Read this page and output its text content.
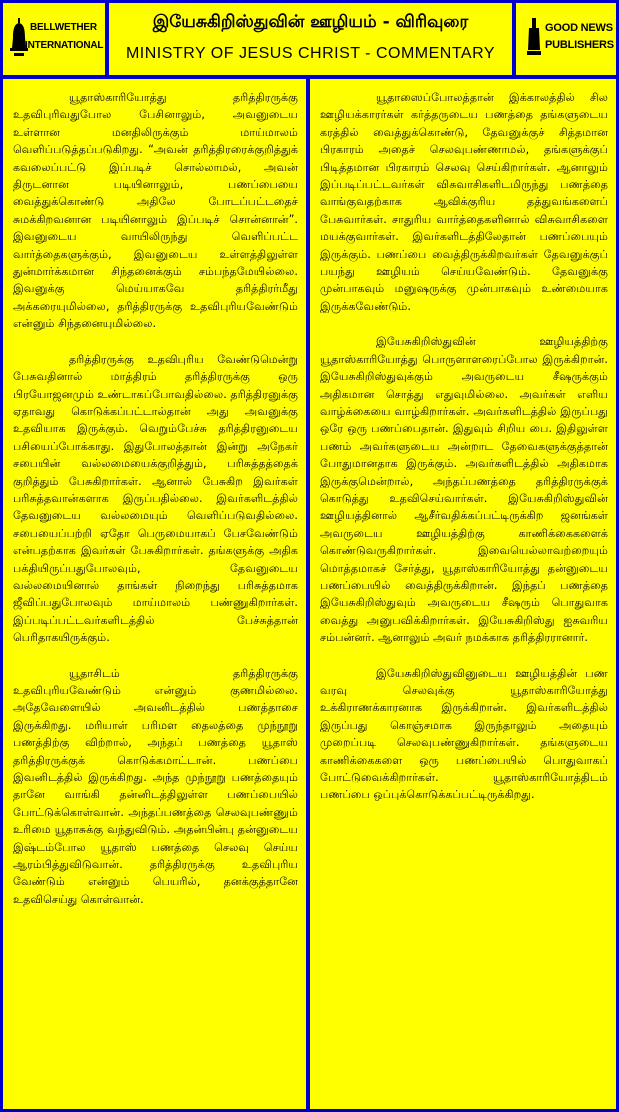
BELLWETHER
INTERNATIONAL
இயேசுகிறிஸ்துவின் ஊழியம் - விரிவுரை
MINISTRY OF JESUS CHRIST - COMMENTARY
GOOD NEWS
PUBLISHERS

யூதாஸ்காரியோத்து தரித்திரருக்கு உதவிபுரிவதுபோல பேசினாலும், அவனுடைய உள்ளான மனதிலிருக்கும் மாய்மாலம் வெளிப்படுத்தப்படுகிறது. “அவன் தரித்திரரைக்குறித்துக் கவலைப்பட்டு இப்படிச் சொல்லாமல், அவன் திருடனான படியினாலும், பணப்பையை வைத்துக்கொண்டு அதிலே போடப்பட்டதைச் சுமக்கிறவனான படியினாலும் இப்படிச் சொன்னான்”. இவனுடைய வாயிலிருந்து வெளிப்பட்ட வார்த்தைகளுக்கும், இவனுடைய உள்ளத்திலுள்ள துன்மார்க்கமான சிந்தனைக்கும் சம்பந்தமேயில்லை. இவனுக்கு மெய்யாகவே தரித்திரர்மீது அக்கரையுமில்லை, தரித்திரருக்கு உதவிபுரியவேண்டும் என்னும் சிந்தனையுமில்லை.

தரித்திரருக்கு உதவிபுரிய வேண்டுமென்று பேசுவதினால் மாத்திரம் தரித்திரருக்கு ஒரு பிரயோஜனமும் உண்டாகப்போவதில்லை. தரித்திரனுக்கு ஏதாவது கொடுக்கப்பட்டால்தான் அது அவனுக்கு உதவியாக இருக்கும். வெறும்பேச்சு தரித்திரனுடைய பசியைப்போக்காது. இதுபோலத்தான் இன்று அநேகர் சபையின் வல்லமையைக்குறித்தும், பரிசுத்தத்தைக் குறித்தும் பேசுகிறார்கள். ஆனால் பேசுகிற இவர்கள் பரிசுத்தவான்களாக இருப்பதில்லை. இவர்களிடத்தில் தேவனுடைய வல்லமையும் வெளிப்படுவதில்லை. சபையைப்பற்றி ஏதோ பெருமையாகப் பேசவேண்டும் என்பதற்காக இவர்கள் பேசுகிறார்கள். தங்களுக்கு அதிக பக்தியிருப்பதுபோலவும், தேவனுடைய வல்லமையினால் தாங்கள் நிறைந்து பரிசுத்தமாக ஜீவிப்பதுபோலவும் மாய்மாலம் பண்ணுகிறார்கள். இப்படிப்பட்டவர்களிடத்தில் பேச்சுத்தான் பெரிதாகயிருக்கும்.

யூதாசிடம் தரித்திரருக்கு உதவிபுரியவேண்டும் என்னும் குணமில்லை. அதேவேளையில் அவனிடத்தில் பணத்தாசை இருக்கிறது. மரியாள் பரிமள தைலத்தை முந்நூறு பணத்திற்கு விற்றால், அந்தப் பணத்தை யூதாஸ் தரித்திரருக்குக் கொடுக்கமாட்டான். பணப்பை இவனிடத்தில் இருக்கிறது. அந்த முந்நூறு பணத்தையும் தானே வாங்கி தன்னிடத்திலுள்ள பணப்பையில் போட்டுக்கொள்வான். அந்தப்பணத்தை செலவுபண்ணும் உரிமை யூதாசுக்கு வந்துவிடும். அதன்பின்பு தன்னுடைய இஷ்டம்போல யூதாஸ் பணத்தை செலவு செய்ய ஆரம்பித்துவிடுவான். தரித்திரருக்கு உதவிபுரிய வேண்டும் என்னும் பெயரில், தனக்குத்தானே உதவிசெய்து கொள்வான்.

யூதாஸைப்போலத்தான் இக்காலத்தில் சில ஊழியக்காரர்கள் கர்த்தருடைய பணத்தை தங்களுடைய கரத்தில் வைத்துக்கொண்டு, தேவனுக்குச் சித்தமான பிரகாரம் அதைச் செலவுபண்ணாமல், தங்களுக்குப் பிடித்தமான பிரகாரம் செலவு செய்கிறார்கள். ஆனாலும் இப்படிப்பட்டவர்கள் விசுவாசிகளிடமிருந்து பணத்தை வாங்குவதற்காக ஆவிக்குரிய தத்துவங்களைப் பேசுவார்கள். சாதுரிய வார்த்தைகளினால் விசுவாசிகளை மயக்குவார்கள். இவர்களிடத்திலேதான் பணப்பையும் இருக்கும். பணப்பை வைத்திருக்கிறவர்கள் தேவனுக்குப் பயந்து ஊழியம் செய்யவேண்டும். தேவனுக்கு முன்பாகவும் மனுஷருக்கு முன்பாகவும் உண்மையாக இருக்கவேண்டும்.

இயேசுகிறிஸ்துவின் ஊழியத்திற்கு யூதாஸ்காரியோத்து பொருளாளரைப்போல இருக்கிறான். இயேசுகிறிஸ்துவுக்கும் அவருடைய சீஷருக்கும் அதிகமான சொத்து எதுவுமில்லை. அவர்கள் எளிய வாழ்க்கையை வாழ்கிறார்கள். அவர்களிடத்தில் இருப்பது ஒரே ஒரு பணப்பைதான். இதுவும் சிறிய பை. இதிலுள்ள பணம் அவர்களுடைய அன்றாட தேவைகளுக்குத்தான் போதுமானதாக இருக்கும். அவர்களிடத்தில் அதிகமாக இருக்குமென்றால், அந்தப்பணத்தை தரித்திரருக்குக் கொடுத்து உதவிசெய்வார்கள். இயேசுகிறிஸ்துவின் ஊழியத்தினால் ஆசீர்வதிக்கப்பட்டிருக்கிற ஜனங்கள் அவருடைய ஊழியத்திற்கு காணிக்கைகளைக் கொண்டுவருகிறார்கள். இவையெல்லாவற்றையும் மொத்தமாகச் சேர்த்து, யூதாஸ்காரியோத்து தன்னுடைய பணப்பையில் வைத்திருக்கிறான். இந்தப் பணத்தை இயேசுகிறிஸ்துவும் அவருடைய சீஷரும் பொதுவாக வைத்து அனுபவிக்கிறார்கள். இயேசுகிறிஸ்து ஐசுவரிய சம்பன்னர். ஆனாலும் அவர் நமக்காக தரித்திரரானார்.

இயேசுகிறிஸ்துவினுடைய ஊழியத்தின் பண வரவு செலவுக்கு யூதாஸ்காரியோத்து உக்கிராணக்காரனாக இருக்கிறான். இவர்களிடத்தில் இருப்பது கொஞ்சமாக இருந்தாலும் அதையும் முறைப்படி செலவுபண்ணுகிறார்கள். தங்களுடைய காணிக்கைகளை ஒரு பணப்பையில் பொதுவாகப் போட்டுவைக்கிறார்கள். யூதாஸ்காரியோத்திடம் பணப்பை ஒப்புக்கொடுக்கப்பட்டிருக்கிறது.
